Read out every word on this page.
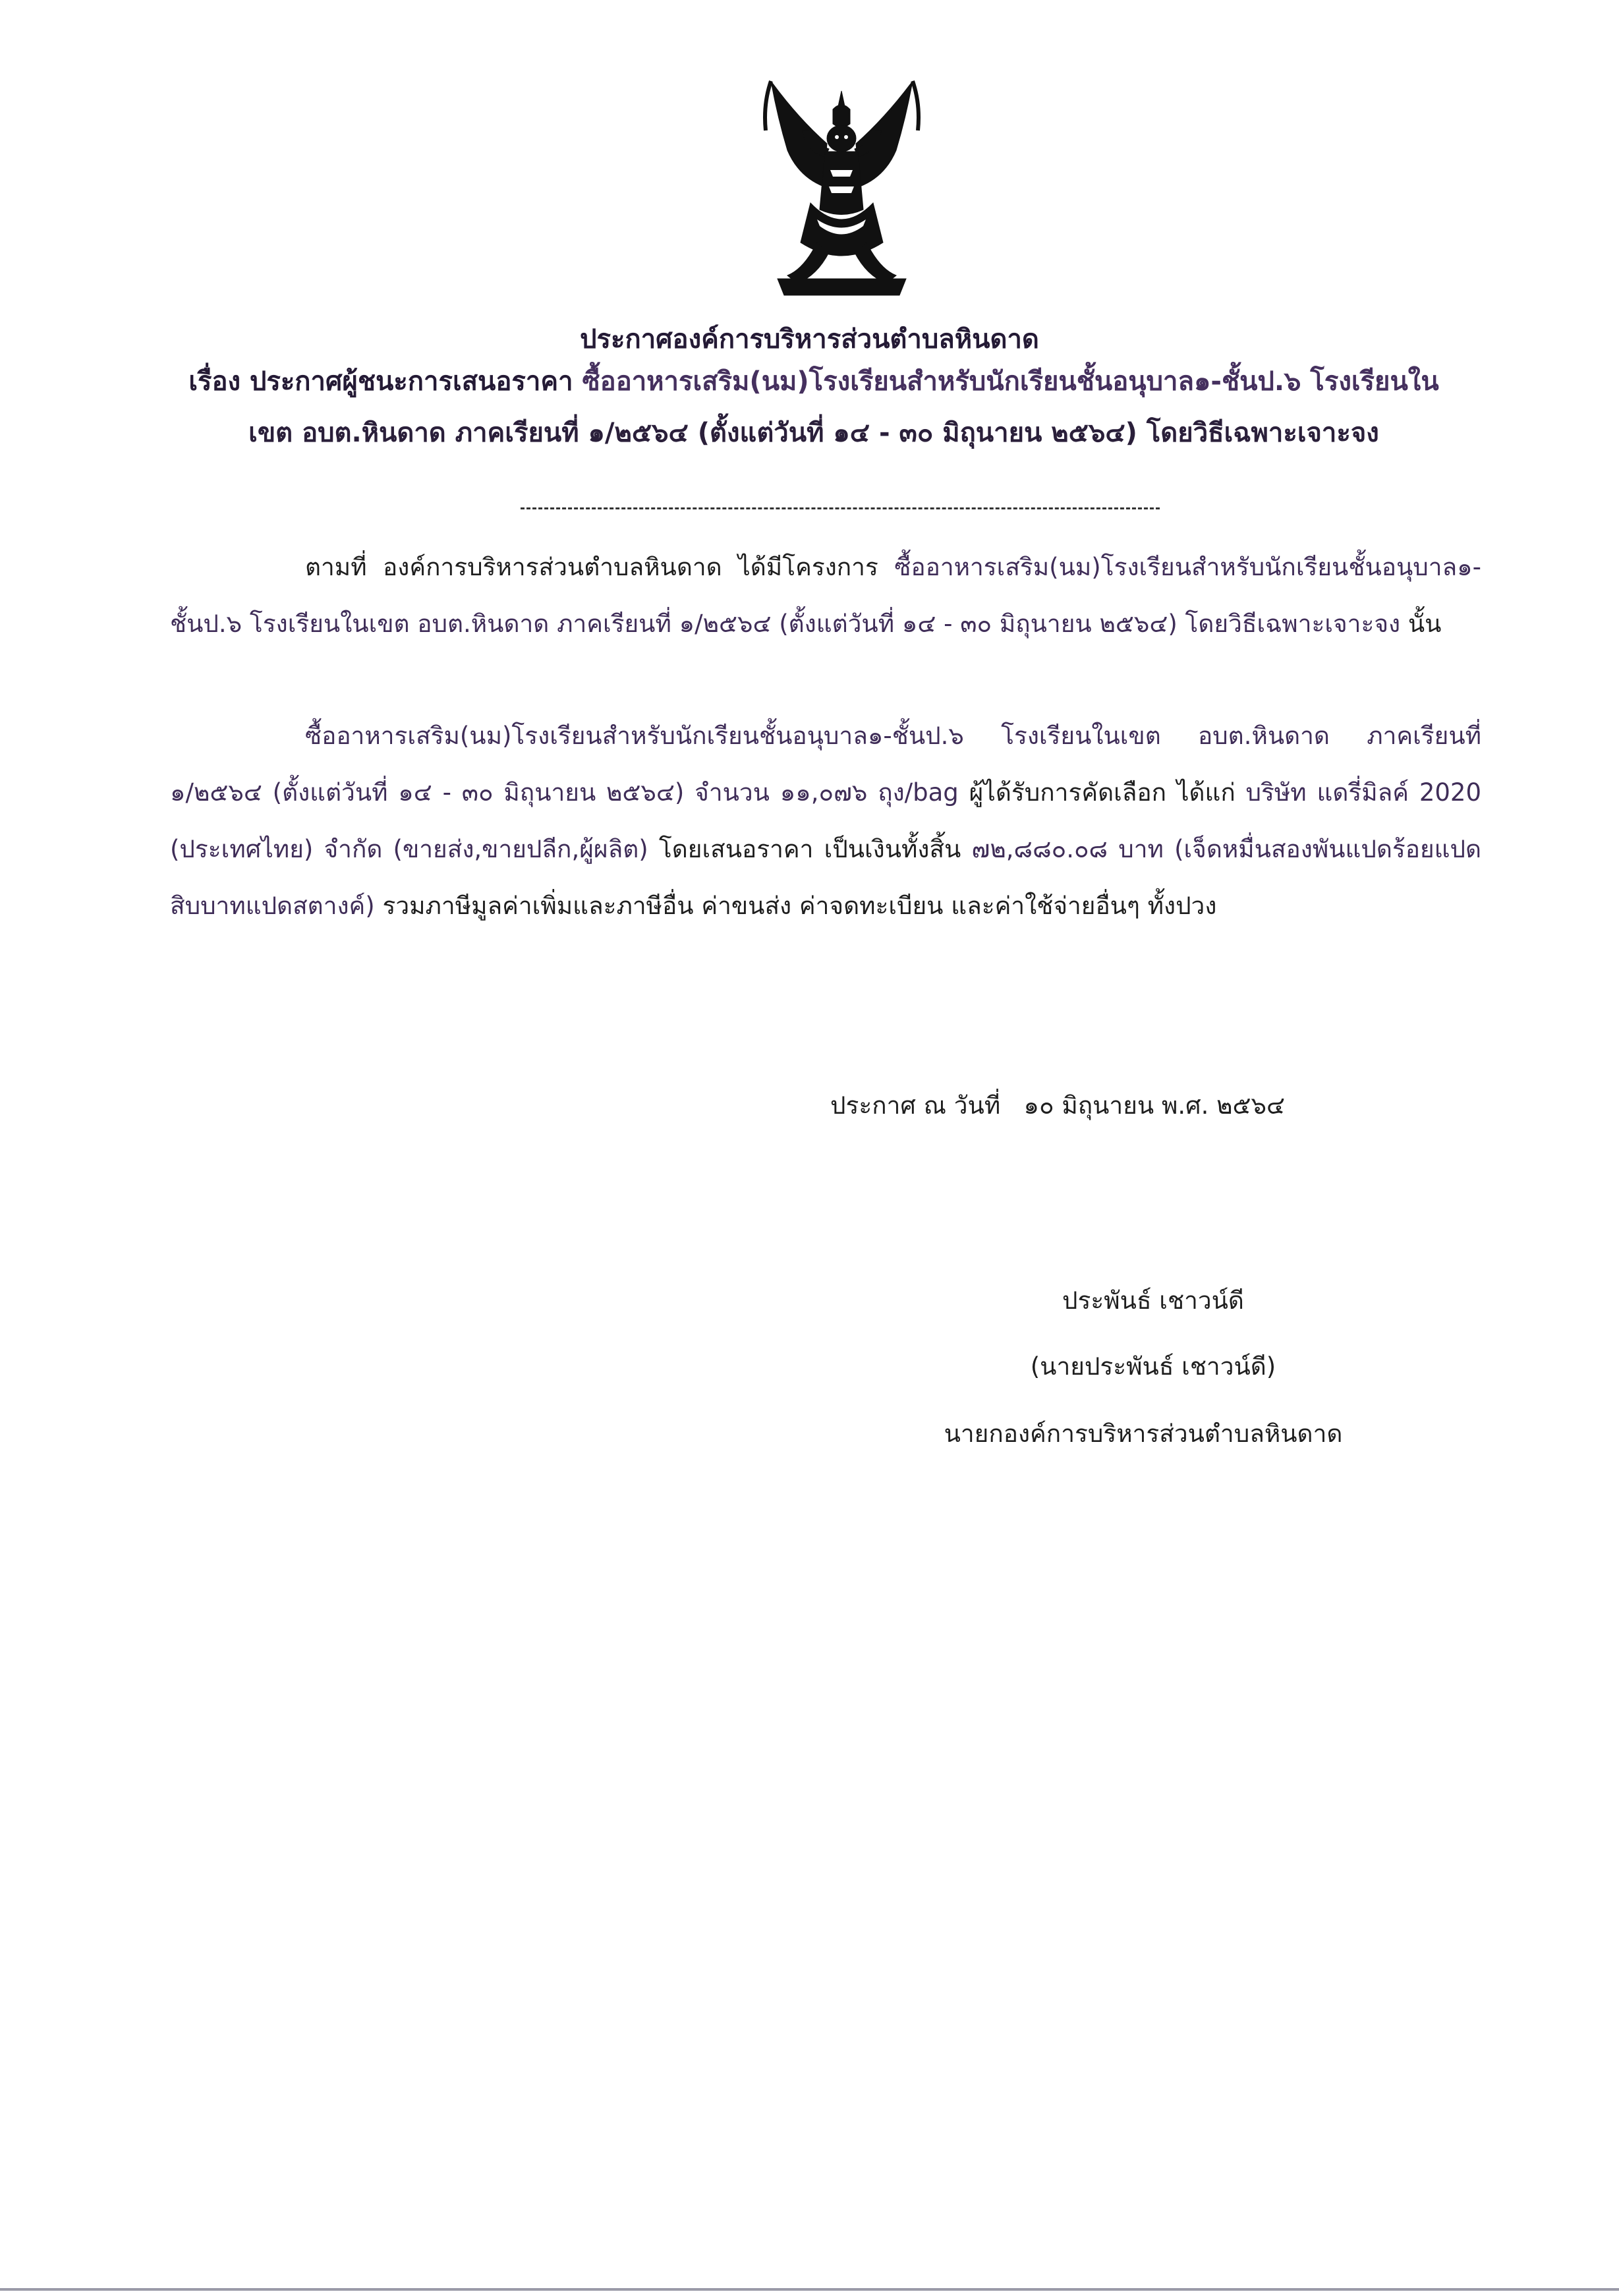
ประกาศองค์การบริหารส่วนตำบลหินดาด
เรื่อง ประกาศผู้ชนะการเสนอราคา ซื้ออาหารเสริม(นม)โรงเรียนสำหรับนักเรียนชั้นอนุบาล๑-ชั้นป.๖ โรงเรียนใน
เขต อบต.หินดาด ภาคเรียนที่ ๑/๒๕๖๔ (ตั้งแต่วันที่ ๑๔ - ๓๐ มิถุนายน ๒๕๖๔) โดยวิธีเฉพาะเจาะจง
ตามที่ องค์การบริหารส่วนตำบลหินดาด ได้มีโครงการ ซื้ออาหารเสริม(นม)โรงเรียนสำหรับนักเรียนชั้นอนุบาล๑-ชั้นป.๖ โรงเรียนในเขต อบต.หินดาด ภาคเรียนที่ ๑/๒๕๖๔ (ตั้งแต่วันที่ ๑๔ - ๓๐ มิถุนายน ๒๕๖๔) โดยวิธีเฉพาะเจาะจง นั้น
ซื้ออาหารเสริม(นม)โรงเรียนสำหรับนักเรียนชั้นอนุบาล๑-ชั้นป.๖ โรงเรียนในเขต อบต.หินดาด ภาคเรียนที่ ๑/๒๕๖๔ (ตั้งแต่วันที่ ๑๔ - ๓๐ มิถุนายน ๒๕๖๔) จำนวน ๑๑,๐๗๖ ถุง/bag ผู้ได้รับการคัดเลือก ได้แก่ บริษัท แดรี่มิลค์ 2020 (ประเทศไทย) จำกัด (ขายส่ง,ขายปลีก,ผู้ผลิต) โดยเสนอราคา เป็นเงินทั้งสิ้น ๗๒,๘๘๐.๐๘ บาท (เจ็ดหมื่นสองพันแปดร้อยแปดสิบบาทแปดสตางค์) รวมภาษีมูลค่าเพิ่มและภาษีอื่น ค่าขนส่ง ค่าจดทะเบียน และค่าใช้จ่ายอื่นๆ ทั้งปวง
ประกาศ ณ วันที่ ๑๐ มิถุนายน พ.ศ. ๒๕๖๔
ประพันธ์ เชาวน์ดี
(นายประพันธ์ เชาวน์ดี)
นายกองค์การบริหารส่วนตำบลหินดาด
